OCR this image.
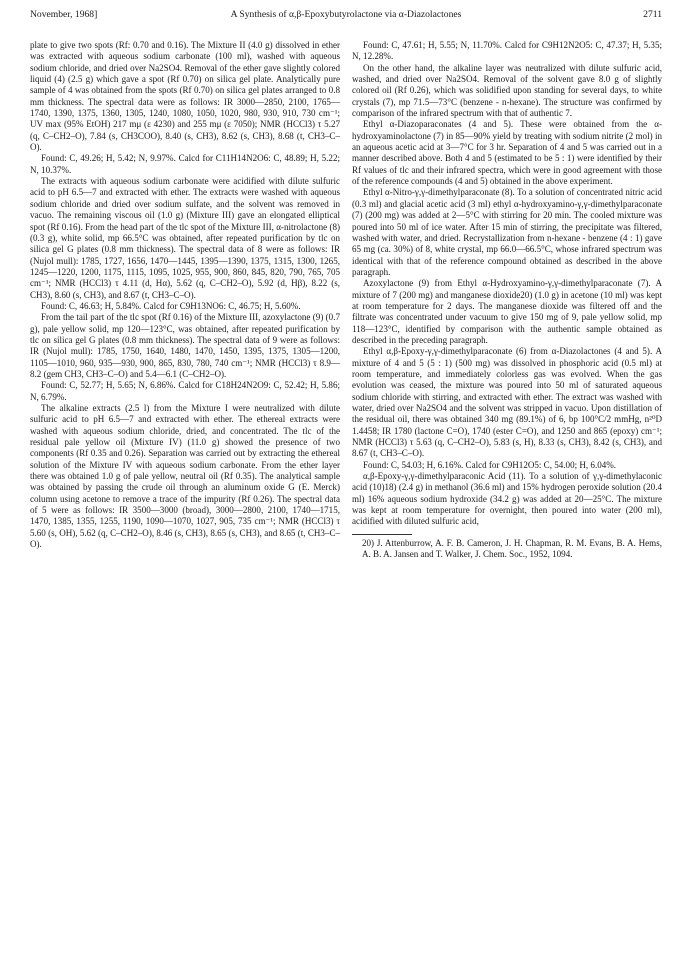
November, 1968]	A Synthesis of α,β-Epoxybutyrolactone via α-Diazolactones	2711

plate to give two spots (Rf: 0.70 and 0.16). The Mixture II (4.0 g) dissolved in ether was extracted with aqueous sodium carbonate (100 ml), washed with aqueous sodium chloride, and dried over Na2SO4. Removal of the ether gave slightly colored liquid (4) (2.5 g) which gave a spot (Rf 0.70) on silica gel plate. Analytically pure sample of 4 was obtained from the spots (Rf 0.70) on silica gel plates arranged to 0.8 mm thickness. The spectral data were as follows: IR 3000—2850, 2100, 1765—1740, 1390, 1375, 1360, 1305, 1240, 1080, 1050, 1020, 980, 930, 910, 730 cm⁻¹; UV max (95% EtOH) 217 mμ (ε 4230) and 255 mμ (ε 7050); NMR (HCCl3) τ 5.27 (q, C–CH2–O), 7.84 (s, CH3COO), 8.40 (s, CH3), 8.62 (s, CH3), 8.68 (t, CH3–C–O).

Found: C, 49.26; H, 5.42; N, 9.97%. Calcd for C11H14N2O6: C, 48.89; H, 5.22; N, 10.37%.

The extracts with aqueous sodium carbonate were acidified with dilute sulfuric acid to pH 6.5—7 and extracted with ether. The extracts were washed with aqueous sodium chloride and dried over sodium sulfate, and the solvent was removed in vacuo. The remaining viscous oil (1.0 g) (Mixture III) gave an elongated elliptical spot (Rf 0.16). From the head part of the tlc spot of the Mixture III, α-nitrolactone (8) (0.3 g), white solid, mp 66.5°C was obtained, after repeated purification by tlc on silica gel G plates (0.8 mm thickness). The spectral data of 8 were as follows: IR (Nujol mull): 1785, 1727, 1656, 1470—1445, 1395—1390, 1375, 1315, 1300, 1265, 1245—1220, 1200, 1175, 1115, 1095, 1025, 955, 900, 860, 845, 820, 790, 765, 705 cm⁻¹; NMR (HCCl3) τ 4.11 (d, Hα), 5.62 (q, C–CH2–O), 5.92 (d, Hβ), 8.22 (s, CH3), 8.60 (s, CH3), and 8.67 (t, CH3–C–O).

Found: C, 46.63; H, 5.84%. Calcd for C9H13NO6: C, 46.75; H, 5.60%.

From the tail part of the tlc spot (Rf 0.16) of the Mixture III, azoxylactone (9) (0.7 g), pale yellow solid, mp 120—123°C, was obtained, after repeated purification by tlc on silica gel G plates (0.8 mm thickness). The spectral data of 9 were as follows: IR (Nujol mull): 1785, 1750, 1640, 1480, 1470, 1450, 1395, 1375, 1305—1200, 1105—1010, 960, 935—930, 900, 865, 830, 780, 740 cm⁻¹; NMR (HCCl3) τ 8.9—8.2 (gem CH3, CH3–C–O) and 5.4—6.1 (C–CH2–O).

Found: C, 52.77; H, 5.65; N, 6.86%. Calcd for C18H24N2O9: C, 52.42; H, 5.86; N, 6.79%.

The alkaline extracts (2.5 l) from the Mixture I were neutralized with dilute sulfuric acid to pH 6.5—7 and extracted with ether. The ethereal extracts were washed with aqueous sodium chloride, dried, and concentrated. The tlc of the residual pale yellow oil (Mixture IV) (11.0 g) showed the presence of two components (Rf 0.35 and 0.26). Separation was carried out by extracting the ethereal solution of the Mixture IV with aqueous sodium carbonate. From the ether layer there was obtained 1.0 g of pale yellow, neutral oil (Rf 0.35). The analytical sample was obtained by passing the crude oil through an aluminum oxide G (E. Merck) column using acetone to remove a trace of the impurity (Rf 0.26). The spectral data of 5 were as follows: IR 3500—3000 (broad), 3000—2800, 2100, 1740—1715, 1470, 1385, 1355, 1255, 1190, 1090—1070, 1027, 905, 735 cm⁻¹; NMR (HCCl3) τ 5.60 (s, OH), 5.62 (q, C–CH2–O), 8.46 (s, CH3), 8.65 (s, CH3), and 8.65 (t, CH3–C–O).

Found: C, 47.61; H, 5.55; N, 11.70%. Calcd for C9H12N2O5: C, 47.37; H, 5.35; N, 12.28%.

On the other hand, the alkaline layer was neutralized with dilute sulfuric acid, washed, and dried over Na2SO4. Removal of the solvent gave 8.0 g of slightly colored oil (Rf 0.26), which was solidified upon standing for several days, to white crystals (7), mp 71.5—73°C (benzene - n-hexane). The structure was confirmed by comparison of the infrared spectrum with that of authentic 7.

Ethyl α-Diazoparaconates (4 and 5). These were obtained from the α-hydroxyaminolactone (7) in 85—90% yield by treating with sodium nitrite (2 mol) in an aqueous acetic acid at 3—7°C for 3 hr. Separation of 4 and 5 was carried out in a manner described above. Both 4 and 5 (estimated to be 5 : 1) were identified by their Rf values of tlc and their infrared spectra, which were in good agreement with those of the reference compounds (4 and 5) obtained in the above experiment.

Ethyl α-Nitro-γ,γ-dimethylparaconate (8). To a solution of concentrated nitric acid (0.3 ml) and glacial acetic acid (3 ml) ethyl α-hydroxyamino-γ,γ-dimethylparaconate (7) (200 mg) was added at 2—5°C with stirring for 20 min. The cooled mixture was poured into 50 ml of ice water. After 15 min of stirring, the precipitate was filtered, washed with water, and dried. Recrystallization from n-hexane - benzene (4 : 1) gave 65 mg (ca. 30%) of 8, white crystal, mp 66.0—66.5°C, whose infrared spectrum was identical with that of the reference compound obtained as described in the above paragraph.

Azoxylactone (9) from Ethyl α-Hydroxyamino-γ,γ-dimethylparaconate (7). A mixture of 7 (200 mg) and manganese dioxide20) (1.0 g) in acetone (10 ml) was kept at room temperature for 2 days. The manganese dioxide was filtered off and the filtrate was concentrated under vacuum to give 150 mg of 9, pale yellow solid, mp 118—123°C, identified by comparison with the authentic sample obtained as described in the preceding paragraph.

Ethyl α,β-Epoxy-γ,γ-dimethylparaconate (6) from α-Diazolactones (4 and 5). A mixture of 4 and 5 (5 : 1) (500 mg) was dissolved in phosphoric acid (0.5 ml) at room temperature, and immediately colorless gas was evolved. When the gas evolution was ceased, the mixture was poured into 50 ml of saturated aqueous sodium chloride with stirring, and extracted with ether. The extract was washed with water, dried over Na2SO4 and the solvent was stripped in vacuo. Upon distillation of the residual oil, there was obtained 340 mg (89.1%) of 6, bp 100°C/2 mmHg, n²⁰D 1.4458; IR 1780 (lactone C=O), 1740 (ester C=O), and 1250 and 865 (epoxy) cm⁻¹; NMR (HCCl3) τ 5.63 (q, C–CH2–O), 5.83 (s, H), 8.33 (s, CH3), 8.42 (s, CH3), and 8.67 (t, CH3–C–O).

Found: C, 54.03; H, 6.16%. Calcd for C9H12O5: C, 54.00; H, 6.04%.

α,β-Epoxy-γ,γ-dimethylparaconic Acid (11). To a solution of γ,γ-dimethylaconic acid (10)18) (2.4 g) in methanol (36.6 ml) and 15% hydrogen peroxide solution (20.4 ml) 16% aqueous sodium hydroxide (34.2 g) was added at 20—25°C. The mixture was kept at room temperature for overnight, then poured into water (200 ml), acidified with diluted sulfuric acid,

20) J. Attenburrow, A. F. B. Cameron, J. H. Chapman, R. M. Evans, B. A. Hems, A. B. A. Jansen and T. Walker, J. Chem. Soc., 1952, 1094.
